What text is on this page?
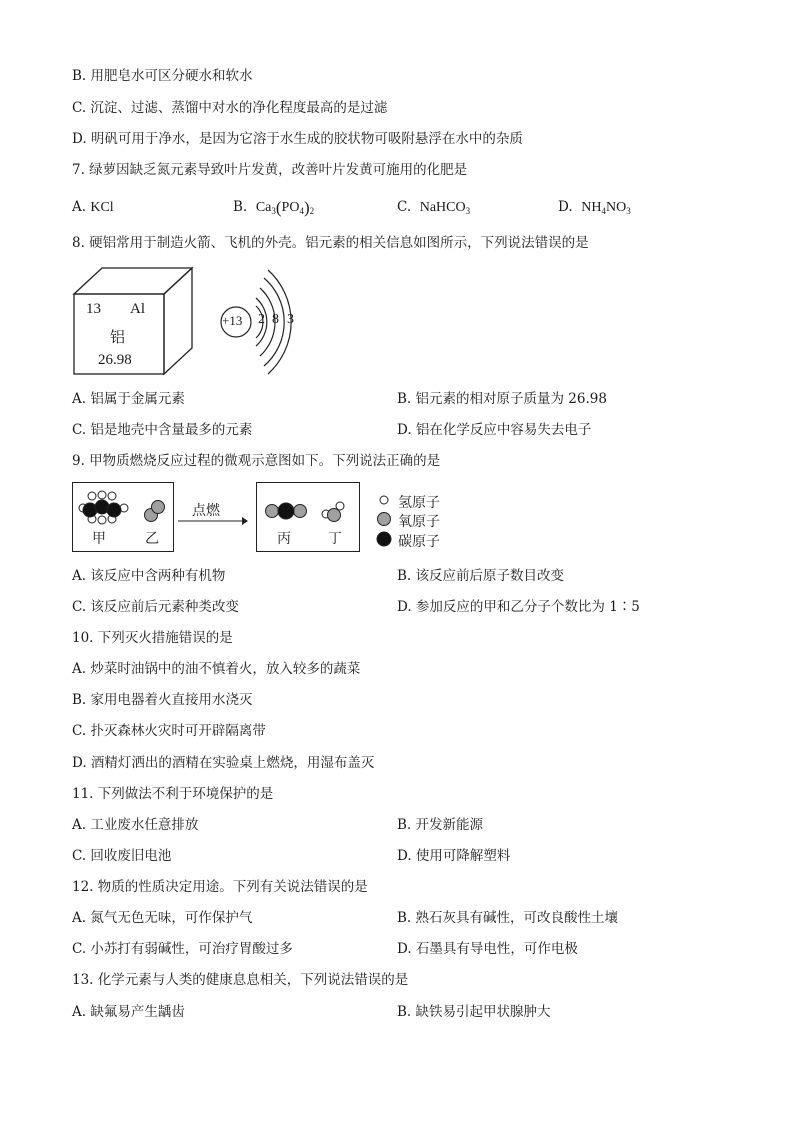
B. 用肥皂水可区分硬水和软水
C. 沉淀、过滤、蒸馏中对水的净化程度最高的是过滤
D. 明矾可用于净水，是因为它溶于水生成的胶状物可吸附悬浮在水中的杂质
7. 绿萝因缺乏氮元素导致叶片发黄，改善叶片发黄可施用的化肥是
A. KCl	B. $Ca_3(PO_4)_2$	C. NaHCO$_3$	D. $NH_4NO_3$
8. 硬铝常用于制造火箭、飞机的外壳。铝元素的相关信息如图所示，下列说法错误的是
13 Al
铝
26.98
+13 2 8 3
A. 铝属于金属元素	B. 铝元素的相对原子质量为 26.98
C. 铝是地壳中含量最多的元素	D. 铝在化学反应中容易失去电子
9. 甲物质燃烧反应过程的微观示意图如下。下列说法正确的是
甲	乙
点燃
丙	丁
氢原子
氧原子
碳原子
A. 该反应中含两种有机物	B. 该反应前后原子数目改变
C. 该反应前后元素种类改变	D. 参加反应的甲和乙分子个数比为 1∶5
10. 下列灭火措施错误的是
A. 炒菜时油锅中的油不慎着火，放入较多的蔬菜
B. 家用电器着火直接用水浇灭
C. 扑灭森林火灾时可开辟隔离带
D. 酒精灯洒出的酒精在实验桌上燃烧，用湿布盖灭
11. 下列做法不利于环境保护的是
A. 工业废水任意排放	B. 开发新能源
C. 回收废旧电池	D. 使用可降解塑料
12. 物质的性质决定用途。下列有关说法错误的是
A. 氮气无色无味，可作保护气	B. 熟石灰具有碱性，可改良酸性土壤
C. 小苏打有弱碱性，可治疗胃酸过多	D. 石墨具有导电性，可作电极
13. 化学元素与人类的健康息息相关，下列说法错误的是
A. 缺氟易产生龋齿	B. 缺铁易引起甲状腺肿大
